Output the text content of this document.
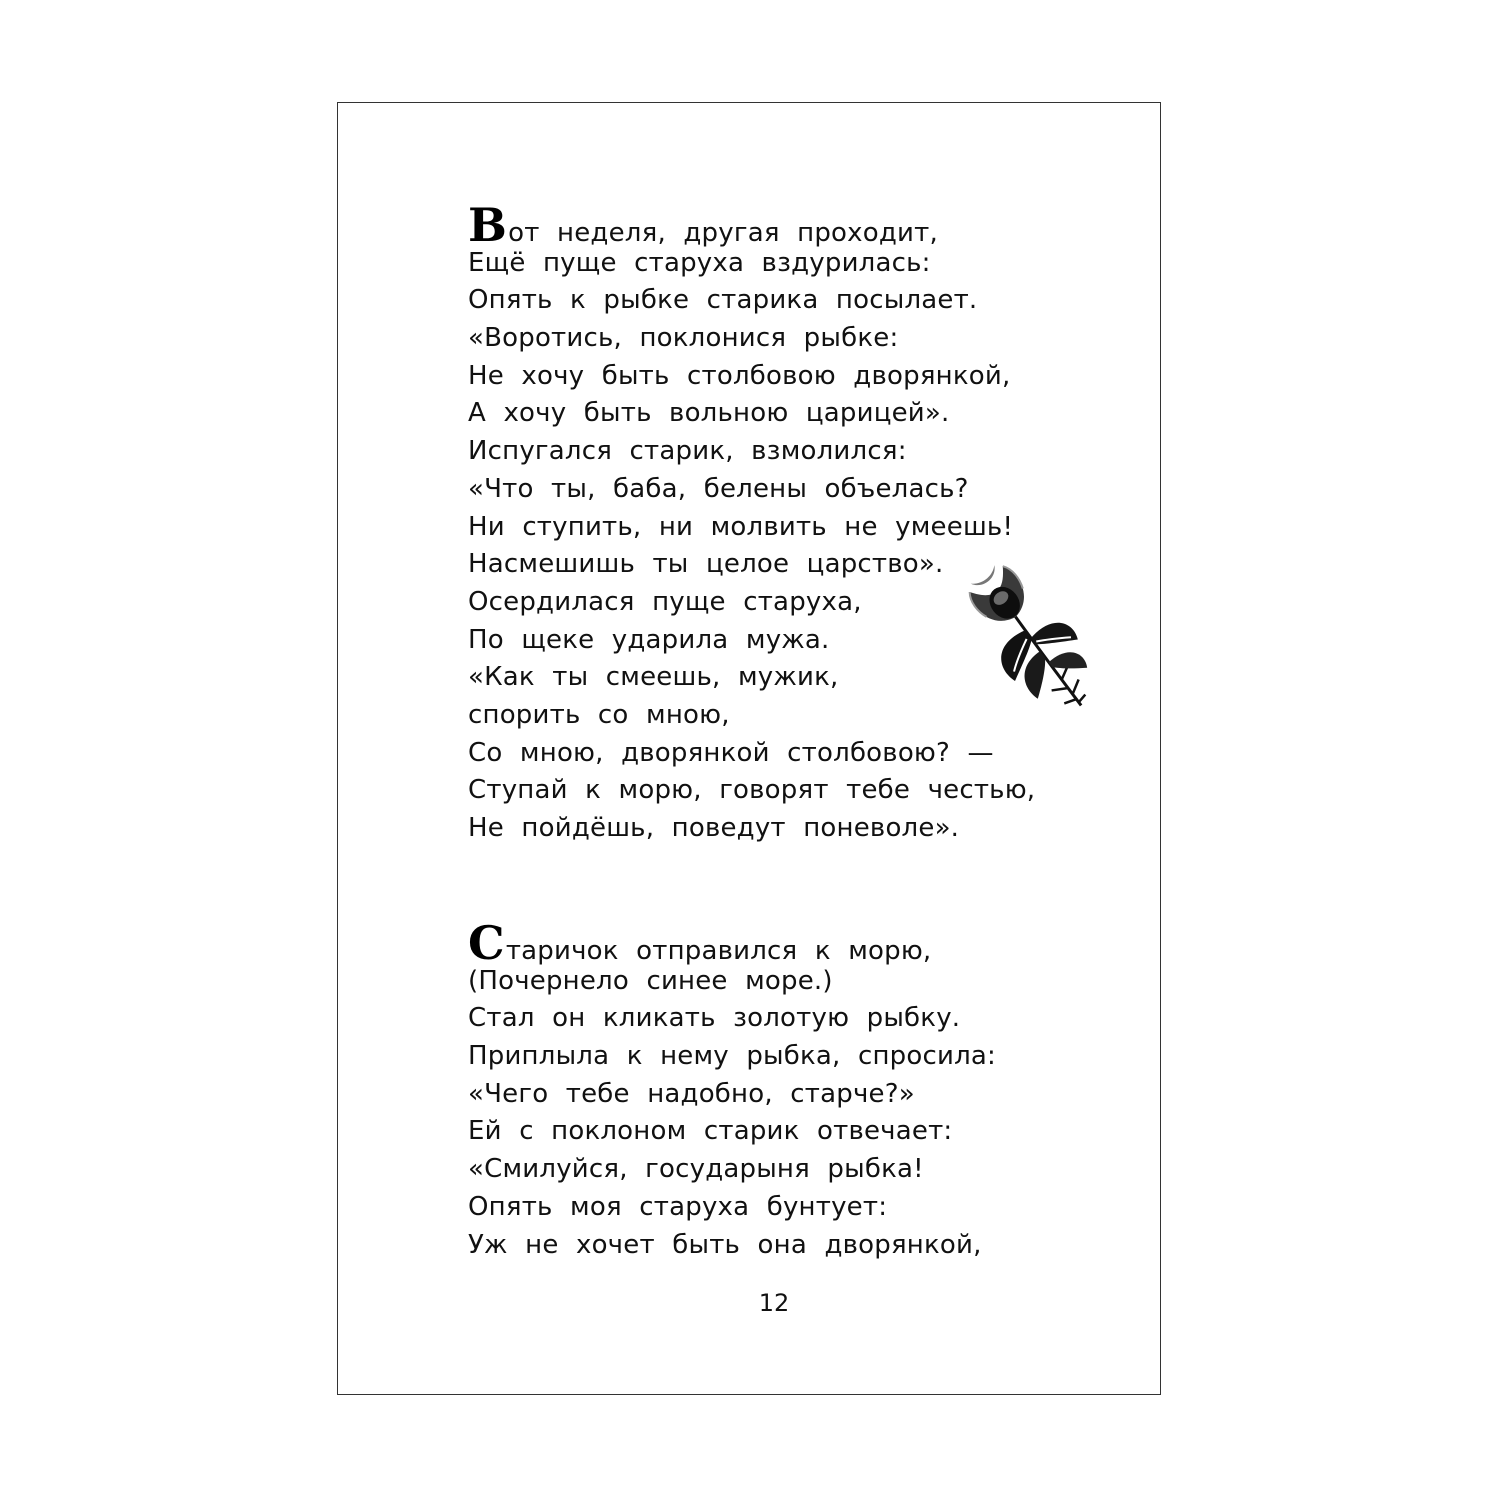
В от неделя, другая проходит,
Ещё пуще старуха вздурилась:
Опять к рыбке старика посылает.
«Воротись, поклонися рыбке:
Не хочу быть столбовою дворянкой,
А хочу быть вольною царицей».
Испугался старик, взмолился:
«Что ты, баба, белены объелась?
Ни ступить, ни молвить не умеешь!
Насмешишь ты целое царство».
Осердилася пуще старуха,
По щеке ударила мужа.
«Как ты смеешь, мужик,
спорить со мною,
Со мною, дворянкой столбовою? —
Ступай к морю, говорят тебе честью,
Не пойдёшь, поведут поневоле».
С таричок отправился к морю,
(Почернело синее море.)
Стал он кликать золотую рыбку.
Приплыла к нему рыбка, спросила:
«Чего тебе надобно, старче?»
Ей с поклоном старик отвечает:
«Смилуйся, государыня рыбка!
Опять моя старуха бунтует:
Уж не хочет быть она дворянкой,
12
